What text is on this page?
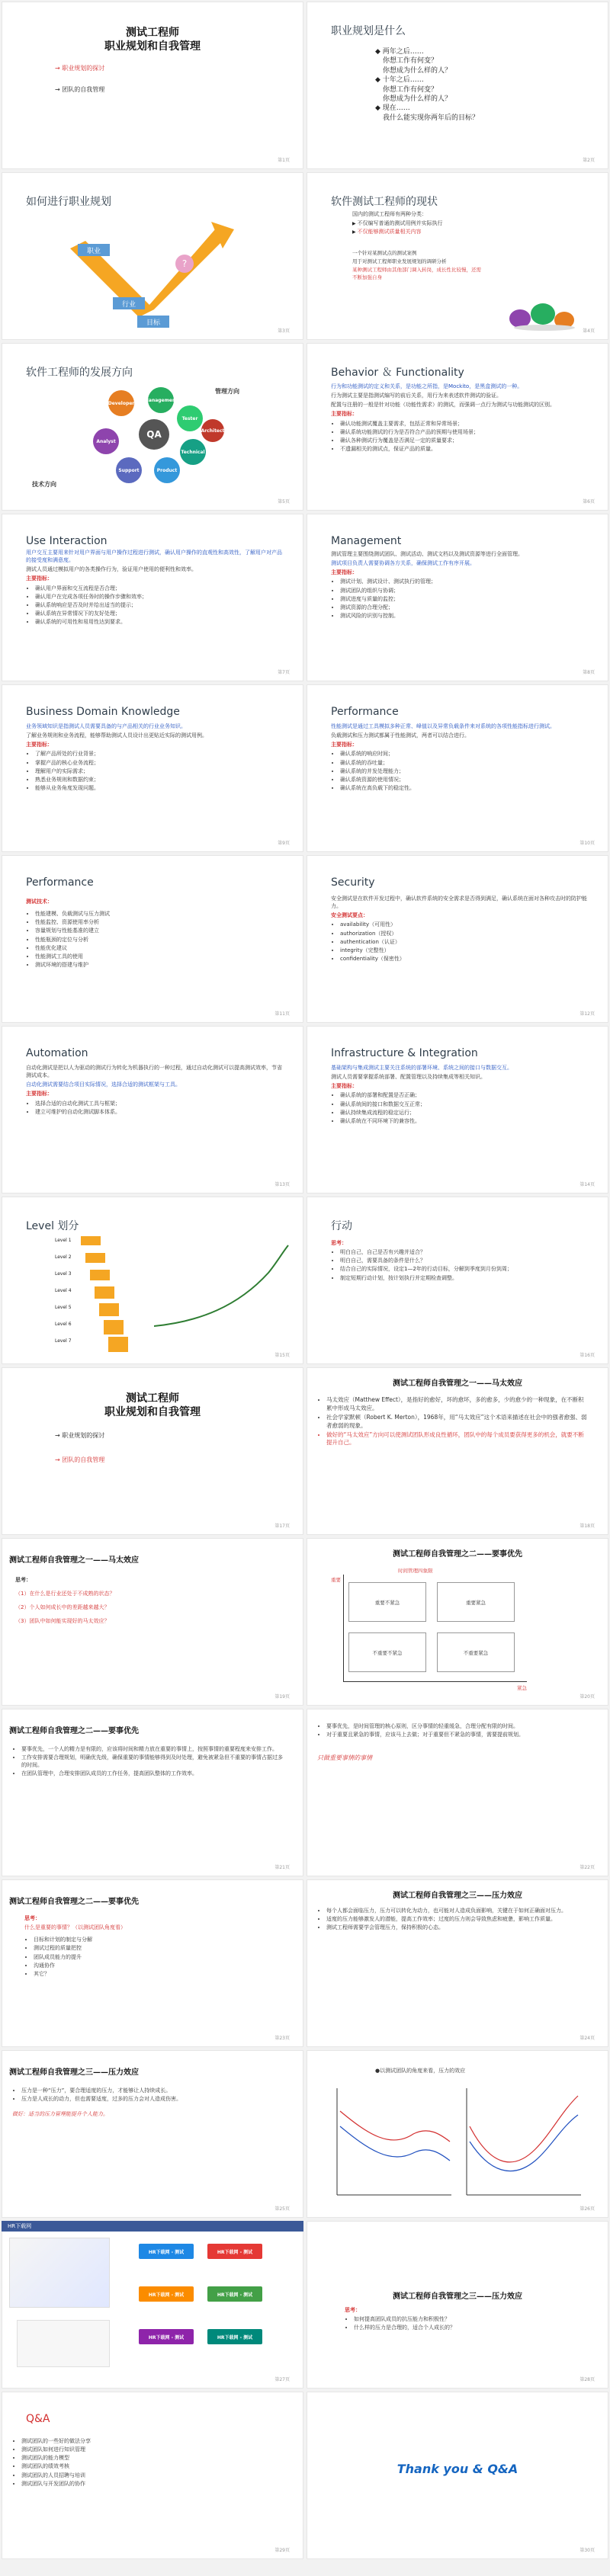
测试工程师
职业规划和自我管理
→ 职业规划的探讨
→ 团队的自我管理
第1页
职业规划是什么
◆ 两年之后……
你想工作有何变？
你想成为什么样的人？
◆ 十年之后……
你想工作有何变？
你想成为什么样的人？
◆ 现在……
我什么能实现你两年后的目标？
第2页
如何进行职业规划
职业
行业
目标
?
第3页
软件测试工程师的现状

国内的测试工程师有两种分类：

▶ 不仅编写普通的测试用例并实际执行
▶ 不仅能够测试质量相关内容

一个针对某测试点的测试案例

用于对测试工程师职业发展规划的调研分析

某种测试工程师由其他部门调入转岗，成长性比较慢，还需不断加强自身

第4页
软件工程师的发展方向
管理方向
技术方向
QA
Developer
Management
Tester
Technical
Product
Support
Analyst
Architect
第5页
Behavior ＆ Functionality

行为和功能测试的定义和关系，是功能之所指，是Mockito，是黑盒测试的一种。

行为测试主要是指测试编写的前后关系，用行为来表述软件测试的验证。

配置与注册的一般是针对功能（功能性需求）的测试，而强调一点行为测试与功能测试的区别。

主要指标：

• 确认功能测试覆盖主要需求，包括正常和异常场景；
• 确认系统功能测试的行为是否符合产品的预期与使用场景；
• 确认各种测试行为覆盖是否满足一定的质量要求；
• 不遗漏相关的测试点，保证产品的质量。
第6页
Use Interaction

用户交互主要用来针对用户界面与用户操作过程进行测试，确认用户操作的直观性和高效性，了解用户对产品的接受度和满意度。

测试人员通过模拟用户的各类操作行为，验证用户使用的便利性和效率。

主要指标：

• 确认用户界面和交互流程是否合理；
• 确认用户在完成各项任务时的操作步骤和效率；
• 确认系统响应是否及时并给出适当的提示；
• 确认系统在异常情况下的友好处理；
• 确认系统的可用性和易用性达到要求。
第7页
Management

测试管理主要围绕测试团队、测试活动、测试文档以及测试资源等进行全面管理。

测试项目负责人需要协调各方关系，确保测试工作有序开展。

主要指标：

• 测试计划、测试设计、测试执行的管理；
• 测试团队的组织与协调；
• 测试进度与质量的监控；
• 测试资源的合理分配；
• 测试风险的识别与控制。
第8页
Business Domain Knowledge

业务领域知识是指测试人员需要具备的与产品相关的行业业务知识。

了解业务规则和业务流程，能够帮助测试人员设计出更贴近实际的测试用例。

主要指标：

• 了解产品所处的行业背景；
• 掌握产品的核心业务流程；
• 理解用户的实际需求；
• 熟悉业务规则和数据约束；
• 能够从业务角度发现问题。
第9页
Performance

性能测试是通过工具模拟多种正常、峰值以及异常负载条件来对系统的各项性能指标进行测试。

负载测试和压力测试都属于性能测试，两者可以结合进行。

主要指标：

• 确认系统的响应时间；
• 确认系统的吞吐量；
• 确认系统的并发处理能力；
• 确认系统资源的使用情况；
• 确认系统在高负载下的稳定性。
第10页
Performance

测试技术：

• 性能建模、负载测试与压力测试
• 性能监控、资源使用率分析
• 容量规划与性能基准的建立
• 性能瓶颈的定位与分析
• 性能优化建议
• 性能测试工具的使用
• 测试环境的搭建与维护
第11页
Security

安全测试是在软件开发过程中，确认软件系统的安全需求是否得到满足，确认系统在面对各种攻击时的防护能力。

安全测试要点：

• availability（可用性）
• authorization（授权）
• authentication（认证）
• integrity（完整性）
• confidentiality（保密性）
第12页
Automation

自动化测试是把以人为驱动的测试行为转化为机器执行的一种过程，通过自动化测试可以提高测试效率，节省测试成本。

自动化测试需要结合项目实际情况，选择合适的测试框架与工具。

主要指标：

• 选择合适的自动化测试工具与框架；
• 建立可维护的自动化测试脚本体系。
第13页
Infrastructure & Integration

基础架构与集成测试主要关注系统的部署环境、系统之间的接口与数据交互。

测试人员需要掌握系统部署、配置管理以及持续集成等相关知识。

主要指标：

• 确认系统的部署和配置是否正确；
• 确认系统间的接口和数据交互正常；
• 确认持续集成流程的稳定运行；
• 确认系统在不同环境下的兼容性。
第14页
Level 划分
Level 1
Level 2
Level 3
Level 4
Level 5
Level 6
Level 7
第15页
行动

思考：

• 明白自己，自己是否有兴趣并适合？
• 明白自己，需要具备的条件是什么？
• 结合自己的实际情况，设定1—2年的行动目标，分解到季度到月份到周；
• 制定短期行动计划，按计划执行并定期检查调整。
第16页
测试工程师
职业规划和自我管理
→ 职业规划的探讨
→ 团队的自我管理
第17页
测试工程师自我管理之一——马太效应
• 马太效应（Matthew Effect），是指好的愈好，坏的愈坏，多的愈多，少的愈少的一种现象，在不断积累中形成马太效应。
• 社会学家默顿（Robert K. Merton），1968年，用“马太效应”这个术语来描述在社会中的强者愈强、弱者愈弱的现象。
• 做好的“马太效应”方向可以使测试团队形成良性循环，团队中的每个成员要获得更多的机会，就要不断提升自己。
第18页
测试工程师自我管理之一——马太效应

思考：

（1）在什么是行业还处于不成熟的状态？

（2）个人如何成长中的差距越来越大？

（3）团队中如何能实现好的马太效应？

第19页
测试工程师自我管理之二——要事优先
时间管理四象限
重要不紧急	重要紧急
不重要不紧急	不重要紧急
重要
紧急
第20页
测试工程师自我管理之二——要事优先
• 要事优先，一个人的精力是有限的，应该将时间和精力放在重要的事情上，按照事情的重要程度来安排工作。
• 工作安排需要合理规划，明确优先级，确保重要的事情能够得到及时处理，避免被紧急但不重要的事情占据过多的时间。
• 在团队管理中，合理安排团队成员的工作任务，提高团队整体的工作效率。
第21页
• 要事优先，是时间管理的核心原则，区分事情的轻重缓急，合理分配有限的时间。
• 对于重要且紧急的事情，应该马上去做；对于重要但不紧急的事情，需要提前规划。

只做重要事情的事情

第22页
测试工程师自我管理之二——要事优先

思考：

什么是重要的事情？（以测试团队角度看）

• 目标和计划的制定与分解
• 测试过程的质量把控
• 团队成员能力的提升
• 沟通协作
• 其它？
第23页
测试工程师自我管理之三——压力效应
• 每个人都会面临压力，压力可以转化为动力，也可能对人造成负面影响，关键在于如何正确面对压力。
• 适度的压力能够激发人的潜能，提高工作效率；过度的压力则会导致焦虑和疲惫，影响工作质量。
• 测试工程师需要学会管理压力，保持积极的心态。
第24页
测试工程师自我管理之三——压力效应
• 压力是一种“压力”，要合理适度的压力，才能够让人持续成长。
• 压力是人成长的动力，但也需要适度，过多的压力会对人造成伤害。

做好：适当的压力管理能提升个人能力。

第25页
●以测试团队的角度来看，压力的效应
第26页
HR下载网
HR下载网 - 测试	HR下载网 - 测试
HR下载网 - 测试	HR下载网 - 测试
HR下载网 - 测试	HR下载网 - 测试
第27页
测试工程师自我管理之三——压力效应

思考：

• 如何提高团队成员的抗压能力和积极性？
• 什么样的压力是合理的，适合个人成长的？
第28页
Q&A
• 测试团队的一些好的做法分享
• 测试团队如何进行知识管理
• 测试团队的能力模型
• 测试团队的绩效考核
• 测试团队的人员招聘与培训
• 测试团队与开发团队的协作
第29页
Thank you & Q&A
第30页
